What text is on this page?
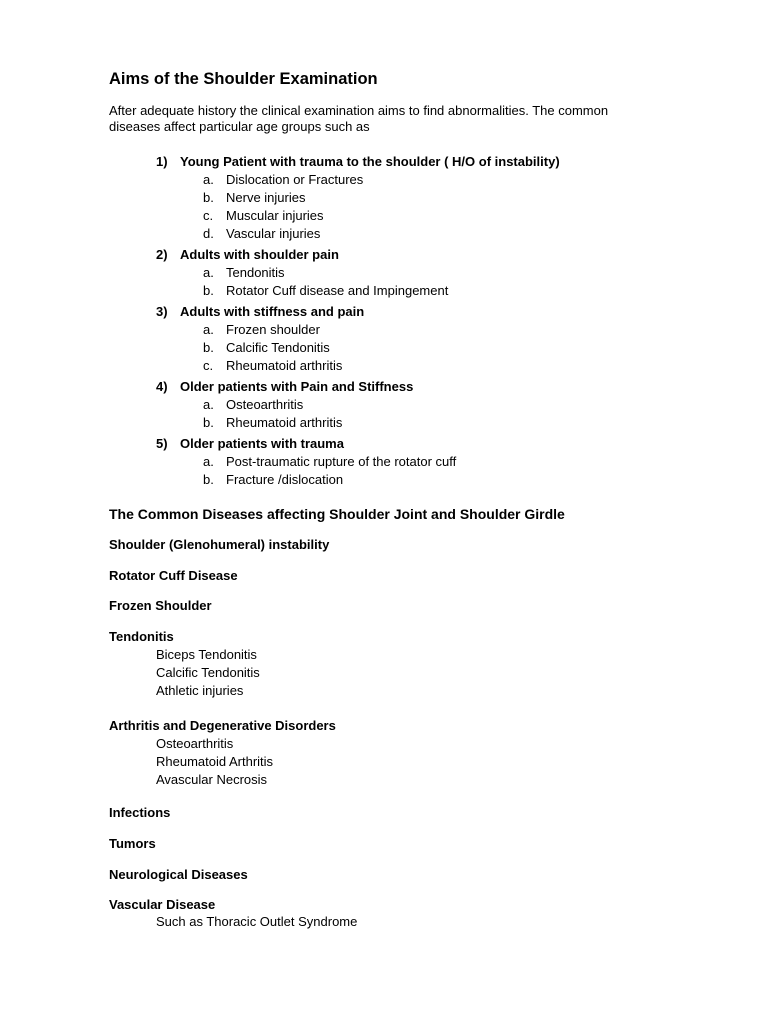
Aims of the Shoulder Examination

After adequate history the clinical examination aims to find abnormalities. The common

diseases affect particular age groups such as

1) Young Patient with trauma to the shoulder ( H/O of instability)
a. Dislocation or Fractures
b. Nerve injuries
c. Muscular injuries
d. Vascular injuries
2) Adults with shoulder pain
a. Tendonitis
b. Rotator Cuff disease and Impingement
3) Adults with stiffness and pain
a. Frozen shoulder
b. Calcific Tendonitis
c. Rheumatoid arthritis
4) Older patients with Pain and Stiffness
a. Osteoarthritis
b. Rheumatoid arthritis
5) Older patients with trauma
a. Post-traumatic rupture of the rotator cuff
b. Fracture /dislocation
The Common Diseases affecting Shoulder Joint and Shoulder Girdle
Shoulder (Glenohumeral) instability
Rotator Cuff Disease
Frozen Shoulder
Tendonitis
Biceps Tendonitis
Calcific Tendonitis
Athletic injuries
Arthritis and Degenerative Disorders
Osteoarthritis
Rheumatoid Arthritis
Avascular Necrosis
Infections
Tumors
Neurological Diseases
Vascular Disease
Such as Thoracic Outlet Syndrome
